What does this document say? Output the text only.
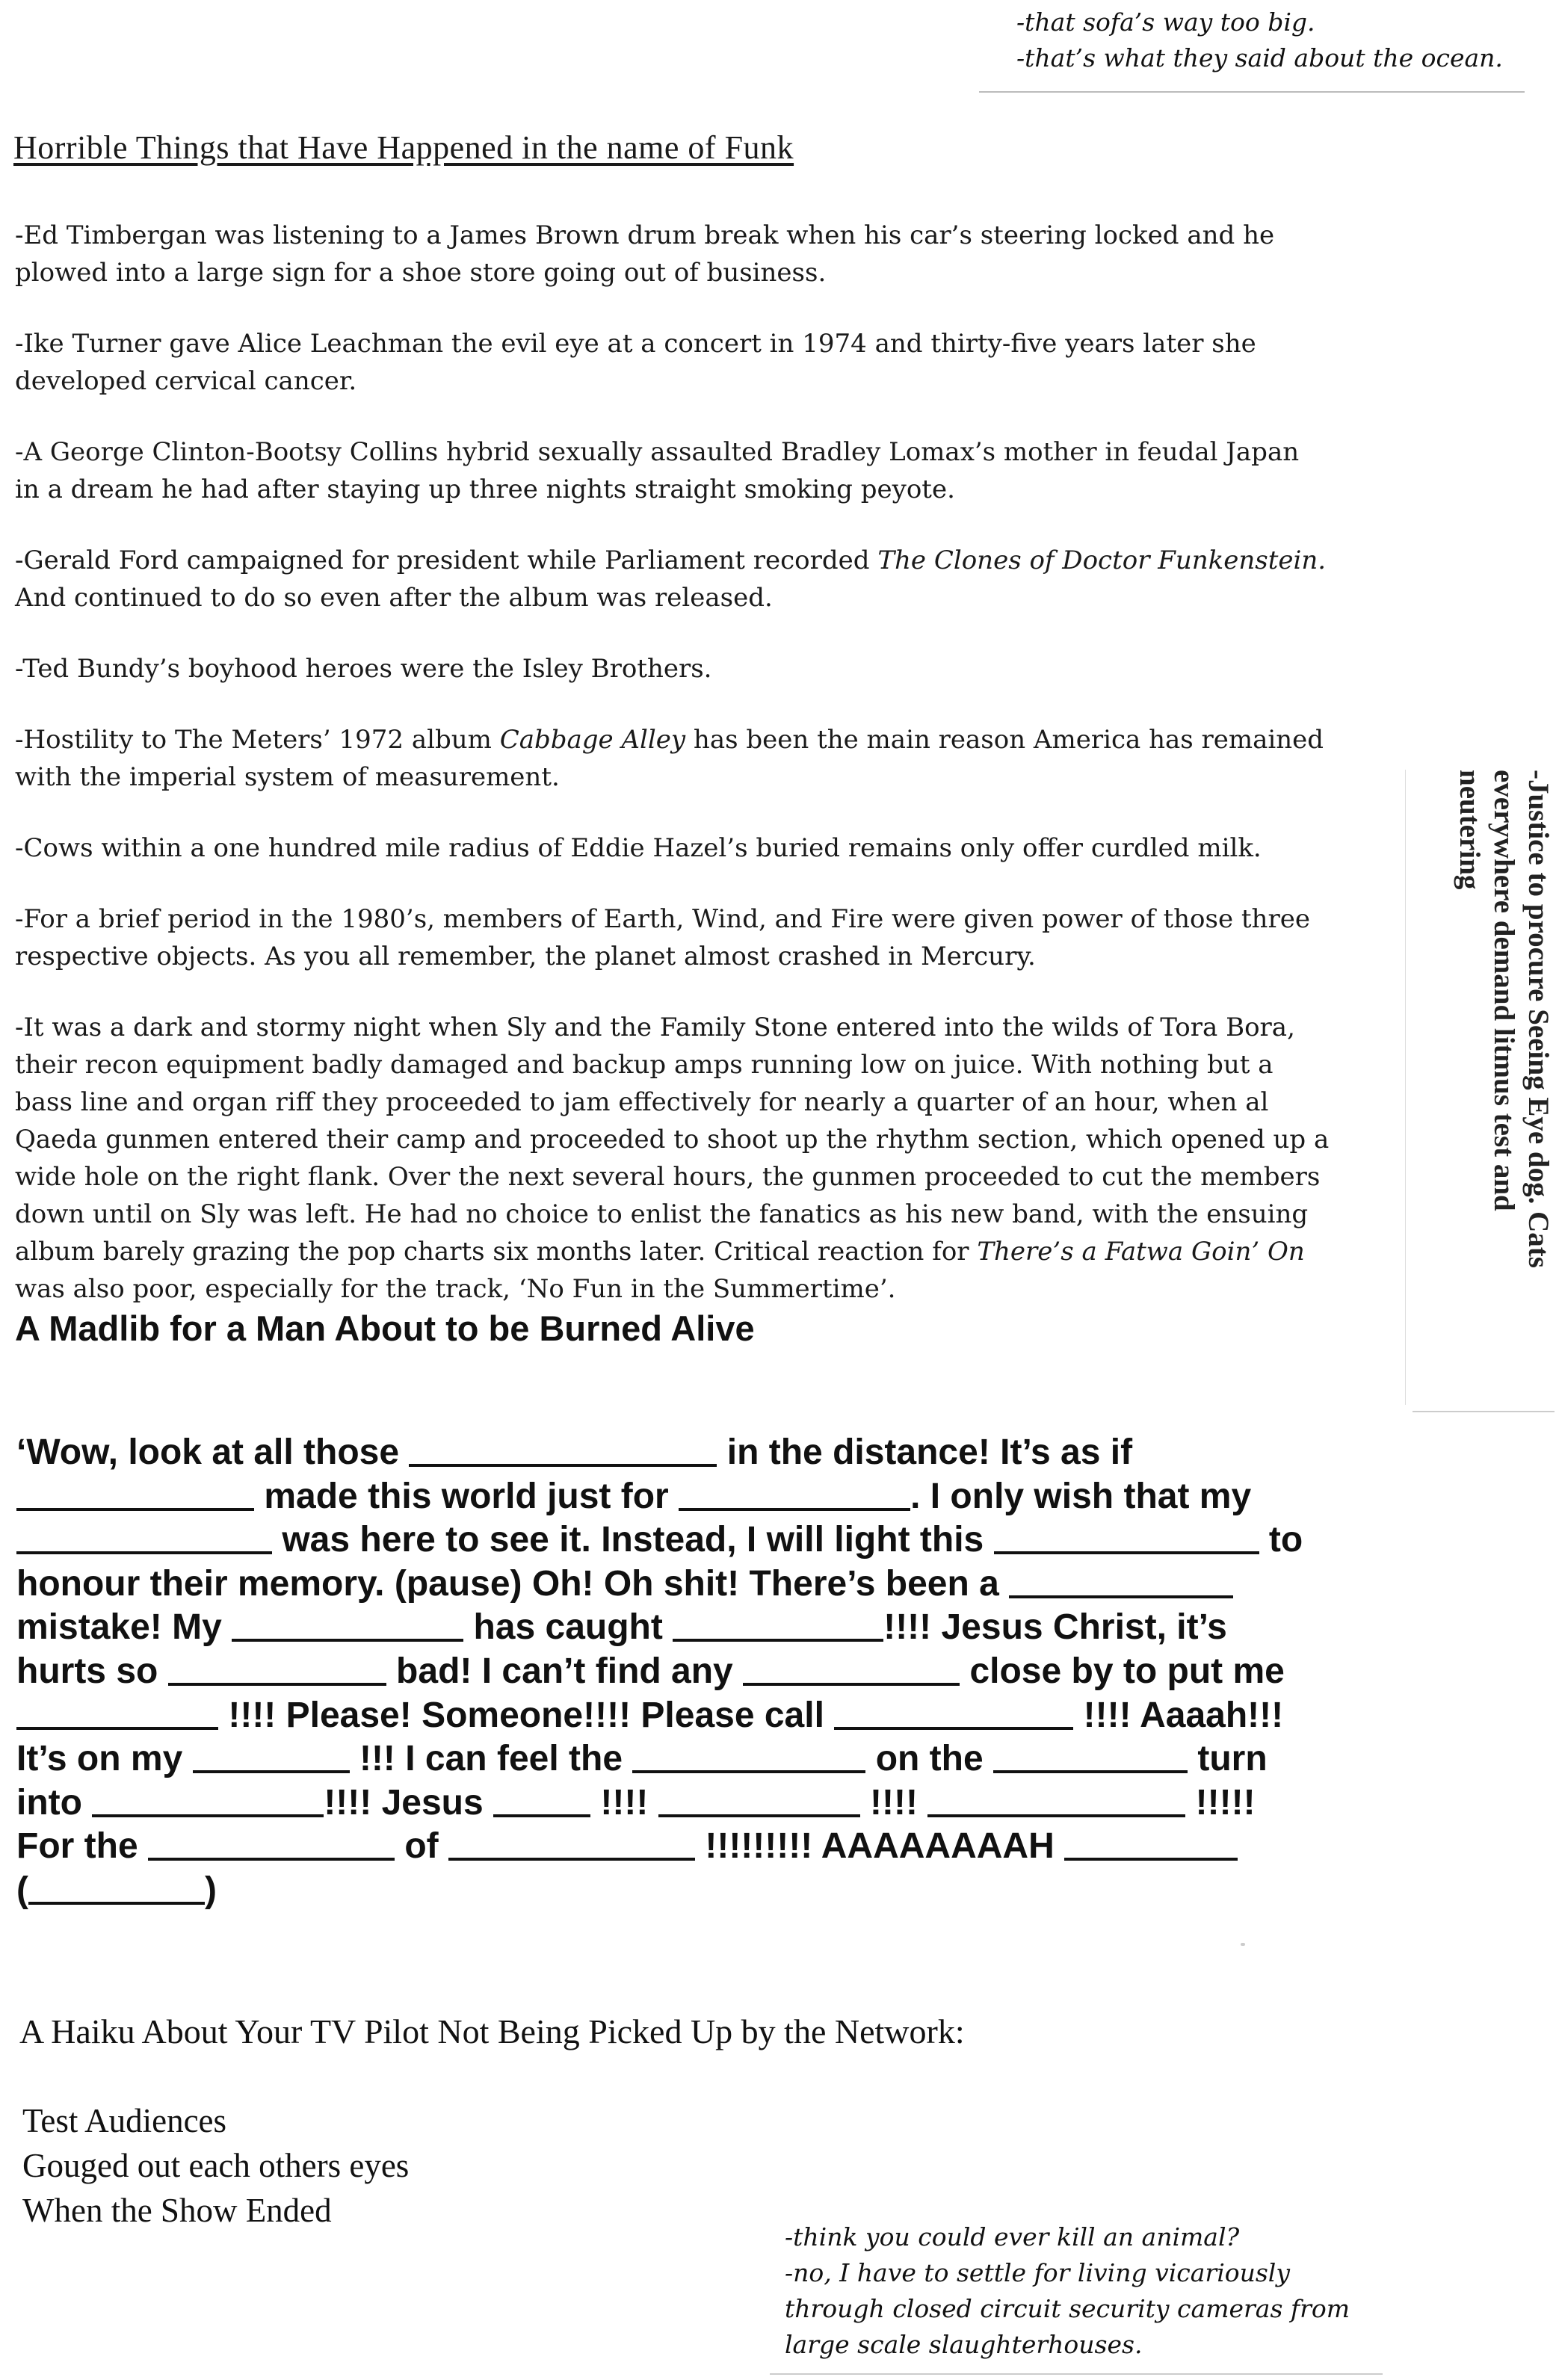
-that sofa’s way too big.
-that’s what they said about the ocean.
Horrible Things that Have Happened in the name of Funk

-Ed Timbergan was listening to a James Brown drum break when his car’s steering locked and he
plowed into a large sign for a shoe store going out of business.

-Ike Turner gave Alice Leachman the evil eye at a concert in 1974 and thirty-five years later she
developed cervical cancer.

-A George Clinton-Bootsy Collins hybrid sexually assaulted Bradley Lomax’s mother in feudal Japan
in a dream he had after staying up three nights straight smoking peyote.

-Gerald Ford campaigned for president while Parliament recorded The Clones of Doctor Funkenstein.
And continued to do so even after the album was released.

-Ted Bundy’s boyhood heroes were the Isley Brothers.

-Hostility to The Meters’ 1972 album Cabbage Alley has been the main reason America has remained
with the imperial system of measurement.

-Cows within a one hundred mile radius of Eddie Hazel’s buried remains only offer curdled milk.

-For a brief period in the 1980’s, members of Earth, Wind, and Fire were given power of those three
respective objects. As you all remember, the planet almost crashed in Mercury.

-It was a dark and stormy night when Sly and the Family Stone entered into the wilds of Tora Bora,
their recon equipment badly damaged and backup amps running low on juice. With nothing but a
bass line and organ riff they proceeded to jam effectively for nearly a quarter of an hour, when al
Qaeda gunmen entered their camp and proceeded to shoot up the rhythm section, which opened up a
wide hole on the right flank. Over the next several hours, the gunmen proceeded to cut the members
down until on Sly was left. He had no choice to enlist the fanatics as his new band, with the ensuing
album barely grazing the pop charts six months later. Critical reaction for There’s a Fatwa Goin’ On
was also poor, especially for the track, ‘No Fun in the Summertime’.

-Justice to procure Seeing Eye dog. Cats everywhere demand litmus test and neutering
A Madlib for a Man About to be Burned Alive
‘Wow, look at all those	in the distance! It’s as if
made this world just for	. I only wish that my
was here to see it. Instead, I will light this	to
honour their memory. (pause) Oh! Oh shit! There’s been a
mistake! My	has caught	!!!! Jesus Christ, it’s
hurts so	bad! I can’t find any	close by to put me
!!!! Please! Someone!!!! Please call	!!!! Aaaah!!!
It’s on my	!!! I can feel the	on the	turn
into	!!!! Jesus	!!!!	!!!!	!!!!!
For the	of	!!!!!!!!! AAAAAAAAH
(	)
A Haiku About Your TV Pilot Not Being Picked Up by the Network:
Test Audiences
Gouged out each others eyes
When the Show Ended
-think you could ever kill an animal?
-no, I have to settle for living vicariously
through closed circuit security cameras from
large scale slaughterhouses.
